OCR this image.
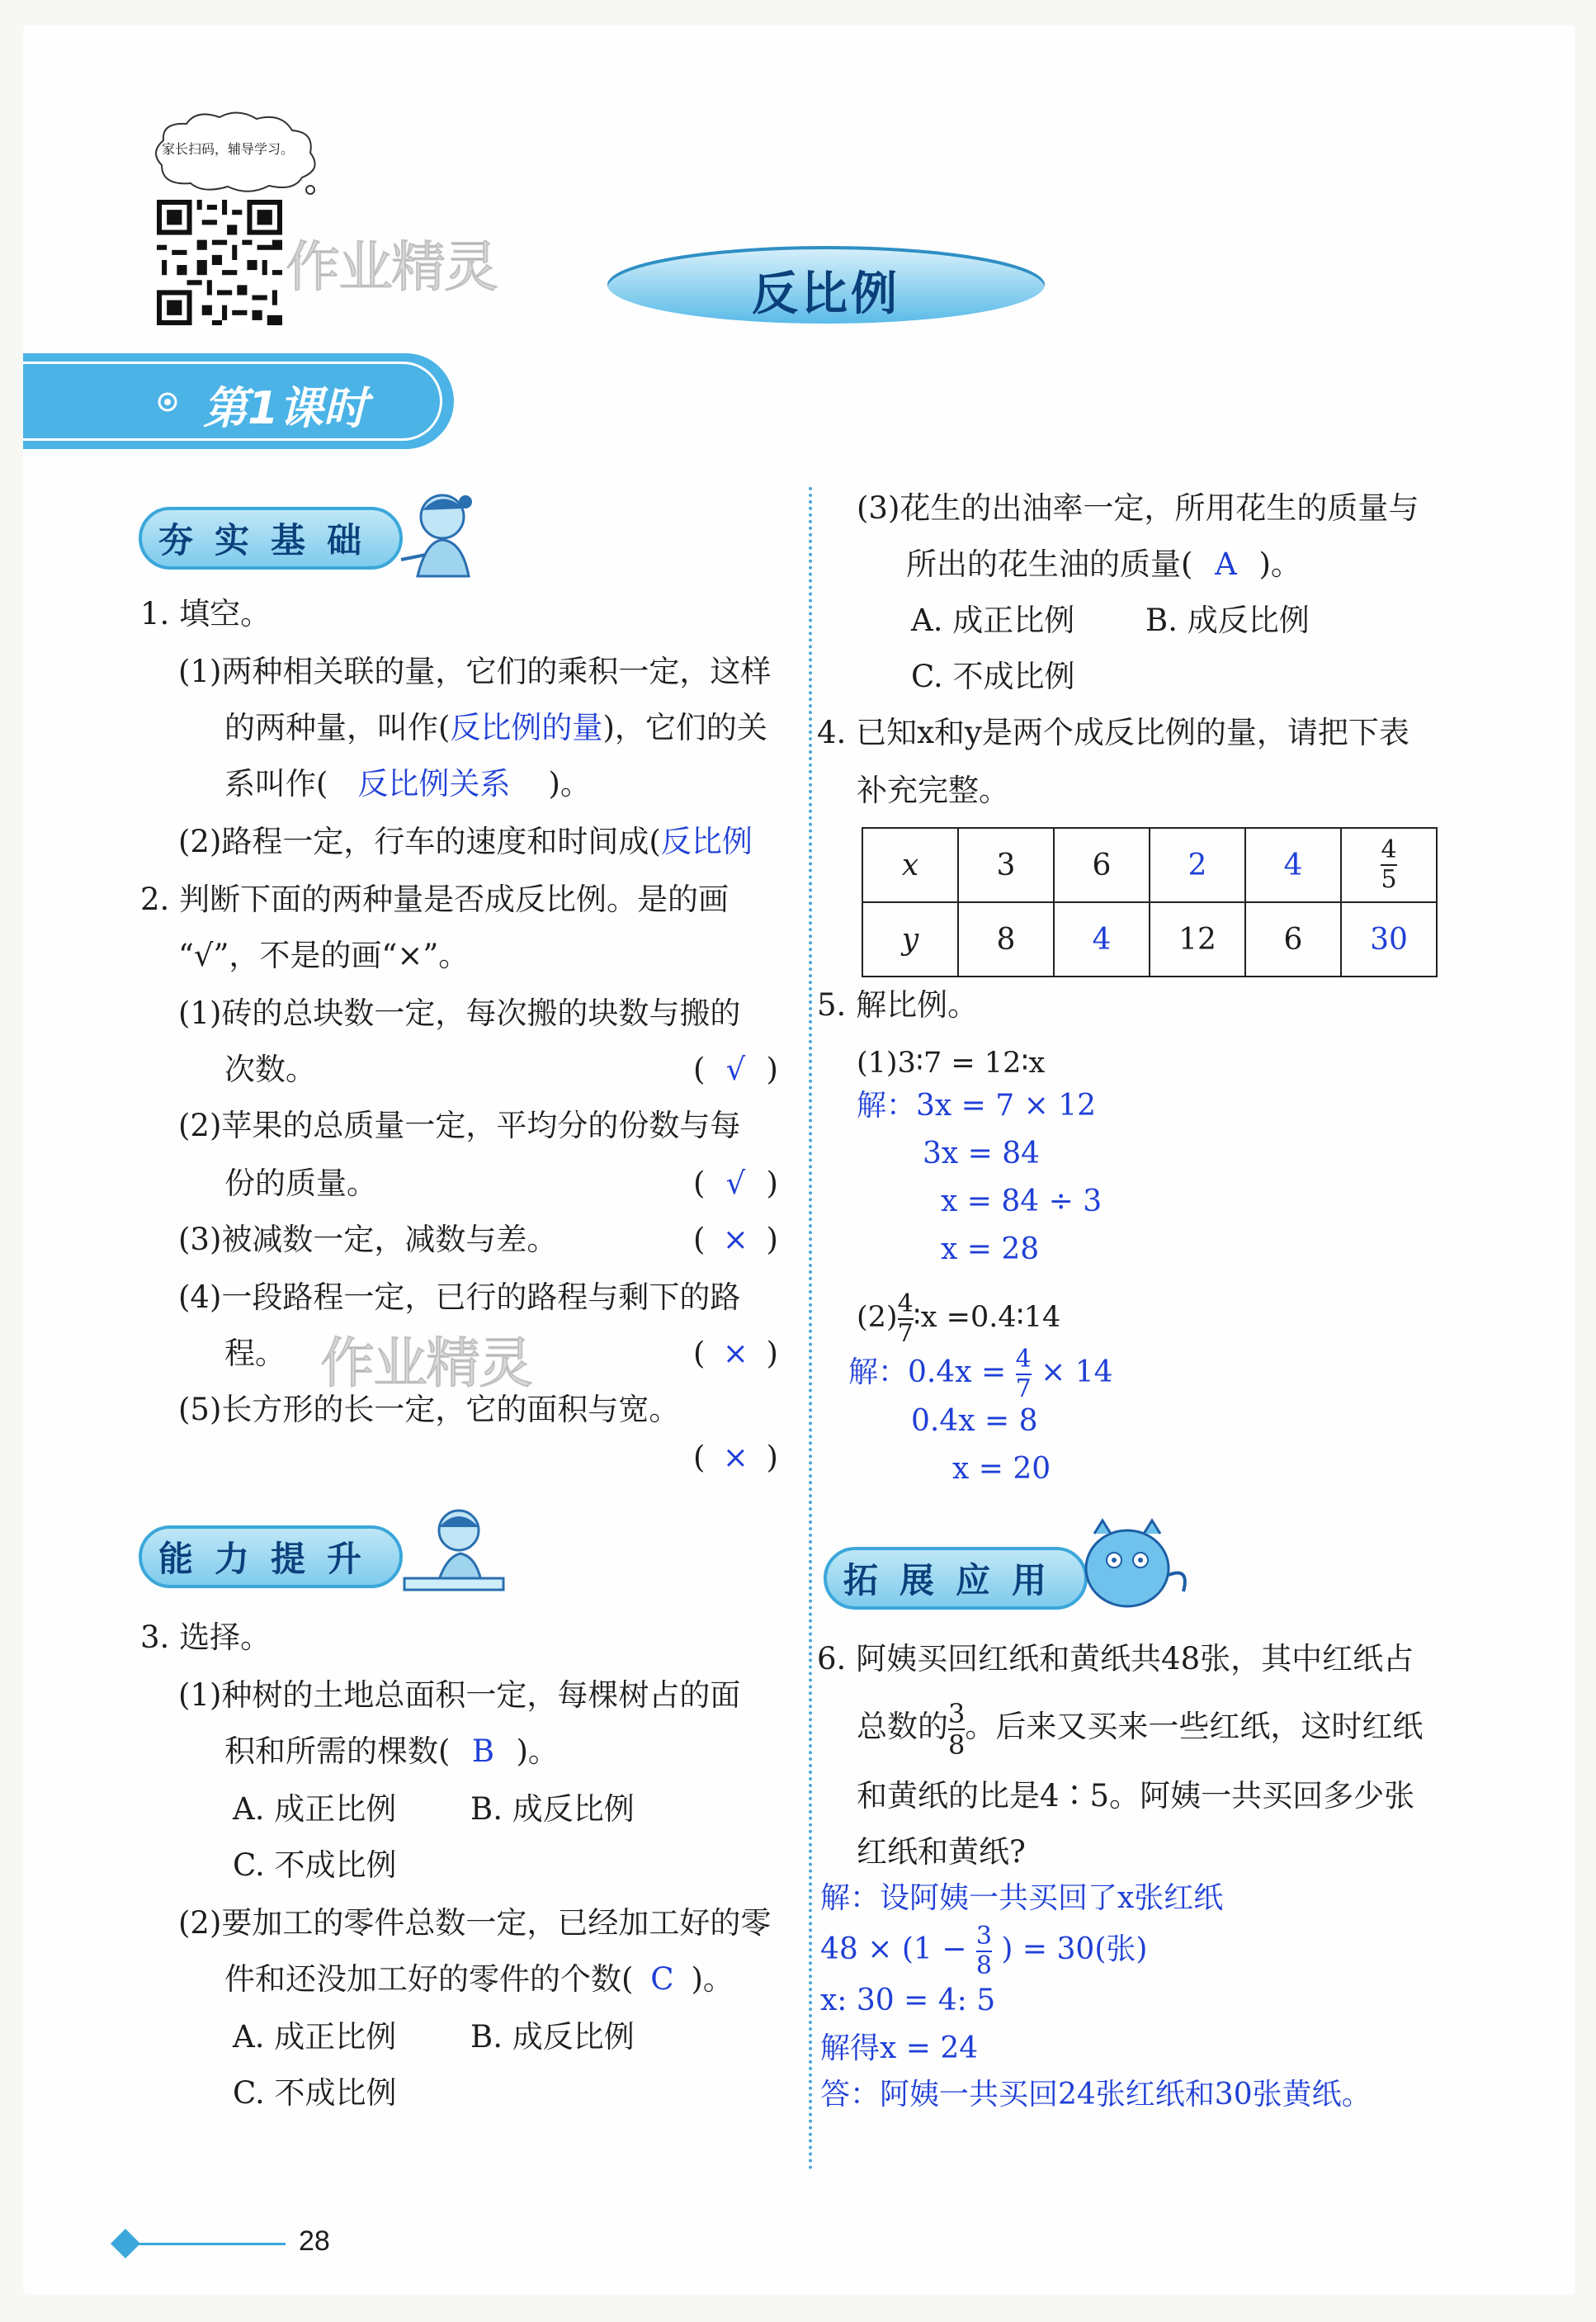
家长扫码，辅导学习。
作业精灵	反比例
第1课时
夯实基础
1. 填空。
(1)两种相关联的量，它们的乘积一定，这样
的两种量，叫作(反比例的量)，它们的关
系叫作( 反比例关系 )。
(2)路程一定，行车的速度和时间成(反比例
2. 判断下面的两种量是否成反比例。是的画
“√”，不是的画“×”。
(1)砖的总块数一定，每次搬的块数与搬的
次数。	( √ )
(2)苹果的总质量一定，平均分的份数与每
份的质量。	( √ )
(3)被减数一定，减数与差。	( × )
(4)一段路程一定，已行的路程与剩下的路
程。 作业精灵	( × )
(5)长方形的长一定，它的面积与宽。
( × )
能力提升
3. 选择。
(1)种树的土地总面积一定，每棵树占的面
积和所需的棵数( B )。
A. 成正比例 B. 成反比例
C. 不成比例
(2)要加工的零件总数一定，已经加工好的零
件和还没加工好的零件的个数( C )。
A. 成正比例 B. 成反比例
C. 不成比例
(3)花生的出油率一定，所用花生的质量与
所出的花生油的质量( A )。
A. 成正比例 B. 成反比例
C. 不成比例
4. 已知x和y是两个成反比例的量，请把下表
补充完整。
x	3	6	2	4	$\frac{4}{5}$

y	8	4	12	6	30
5. 解比例。
(1)3∶7 = 12∶x
解：3x = 7 × 12
3x = 84
x = 84 ÷ 3
x = 28
$(2) \frac{4}{7}$ ∶x =0.4∶14
解：$0.4x = \frac{4}{7} \times 14$
0.4x = 8
x = 20
拓展应用
6. 阿姨买回红纸和黄纸共48张，其中红纸占
总数的 $\frac{3}{8}$ 。后来又买来一些红纸，这时红纸
和黄纸的比是4∶5。阿姨一共买回多少张
红纸和黄纸?
解：设阿姨一共买回了x张红纸
$48 \times (1 - \frac{3}{8}$ ) = 30(张)
x: 30 = 4: 5
解得x = 24
答：阿姨一共买回24张红纸和30张黄纸。
28
